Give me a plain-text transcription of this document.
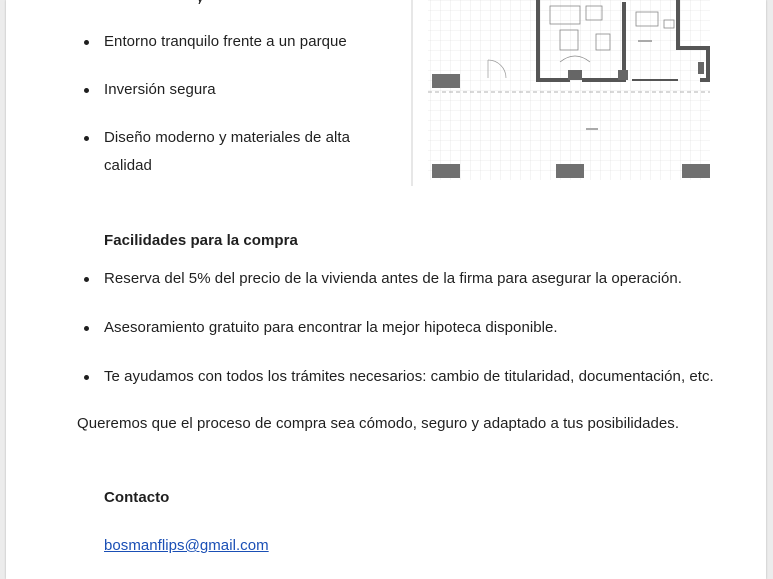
Entorno tranquilo frente a un parque
Inversión segura
Diseño moderno y materiales de alta
calidad
Facilidades para la compra
Reserva del 5% del precio de la vivienda antes de la firma para asegurar la operación.
Asesoramiento gratuito para encontrar la mejor hipoteca disponible.
Te ayudamos con todos los trámites necesarios: cambio de titularidad, documentación, etc.
Queremos que el proceso de compra sea cómodo, seguro y adaptado a tus posibilidades.
Contacto
bosmanflips@gmail.com
